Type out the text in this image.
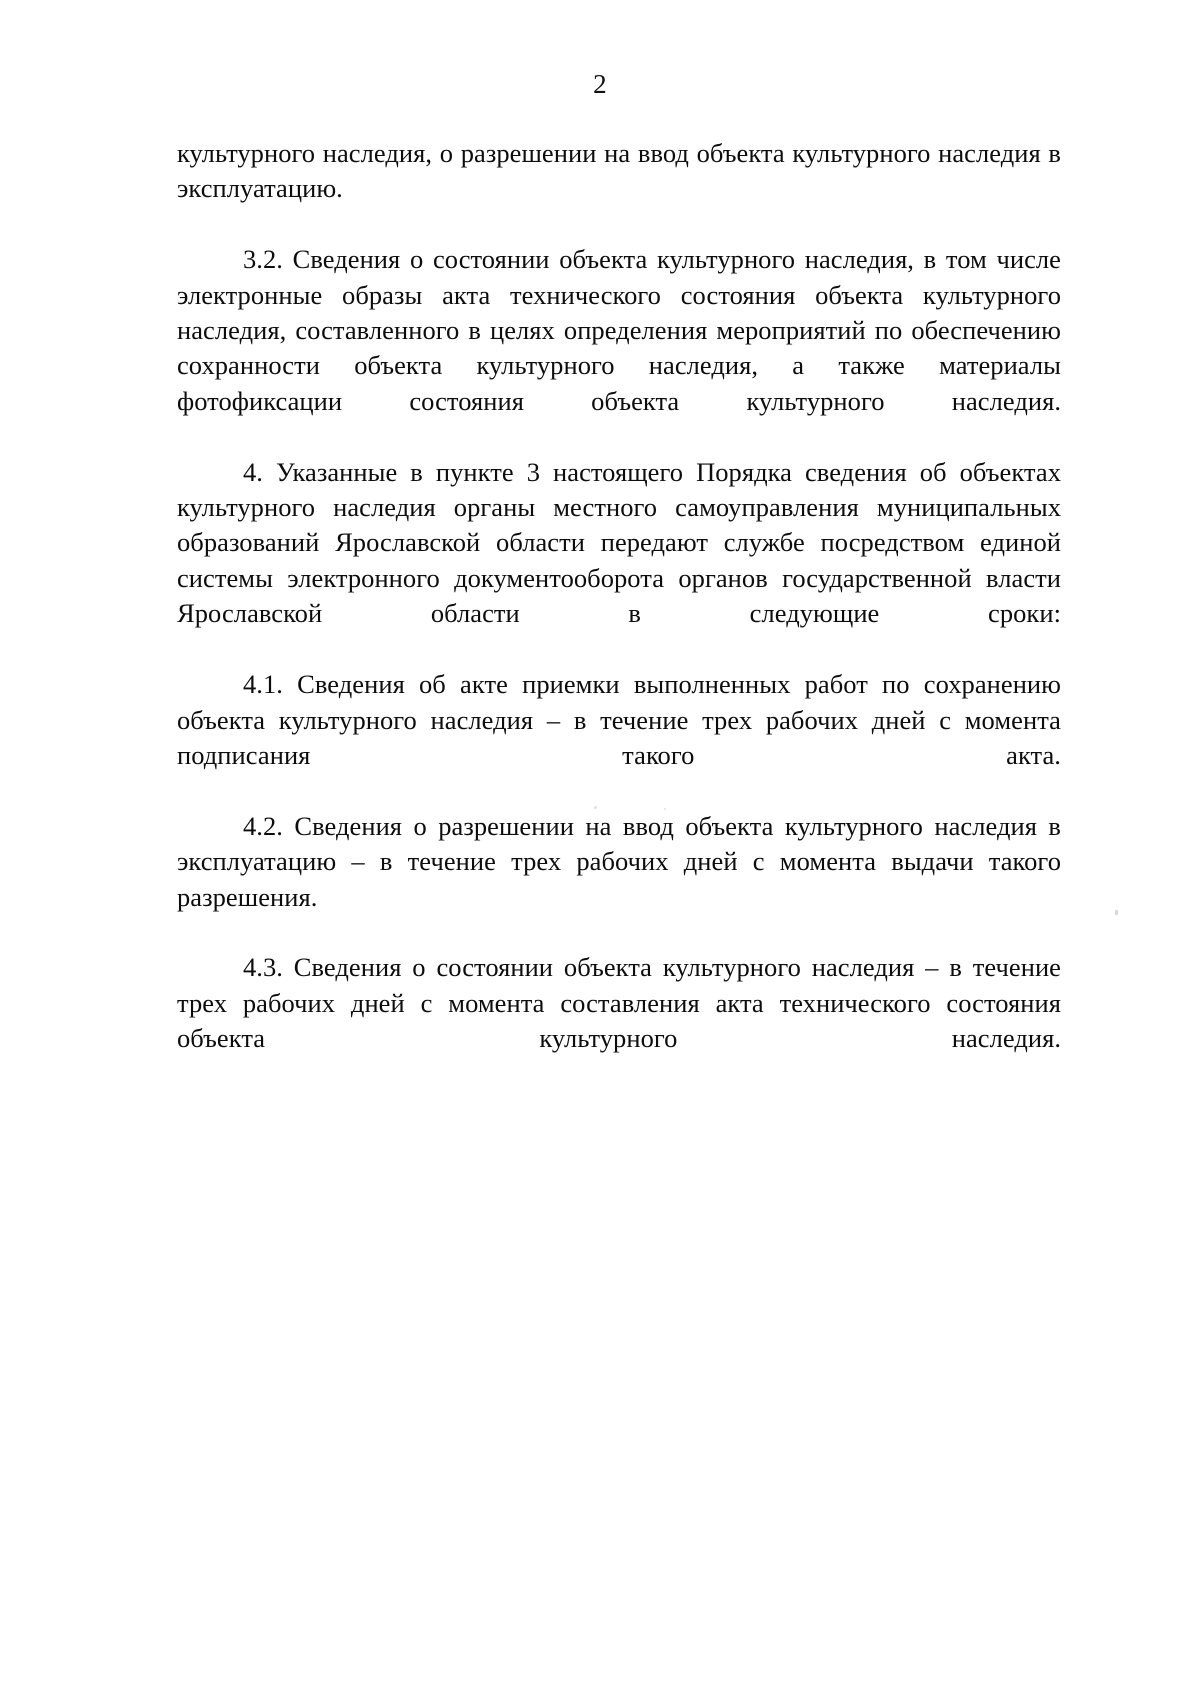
2

культурного наследия, о разрешении на ввод объекта культурного наследия в эксплуатацию.

3.2. Сведения о состоянии объекта культурного наследия, в том числе электронные образы акта технического состояния объекта культурного наследия, составленного в целях определения мероприятий по обеспечению сохранности объекта культурного наследия, а также материалы фотофиксации состояния объекта культурного наследия.

4. Указанные в пункте 3 настоящего Порядка сведения об объектах культурного наследия органы местного самоуправления муниципальных образований Ярославской области передают службе посредством единой системы электронного документооборота органов государственной власти Ярославской области в следующие сроки:

4.1. Сведения об акте приемки выполненных работ по сохранению объекта культурного наследия – в течение трех рабочих дней с момента подписания такого акта.

4.2. Сведения о разрешении на ввод объекта культурного наследия в эксплуатацию – в течение трех рабочих дней с момента выдачи такого разрешения.

4.3. Сведения о состоянии объекта культурного наследия – в течение трех рабочих дней с момента составления акта технического состояния объекта культурного наследия.
